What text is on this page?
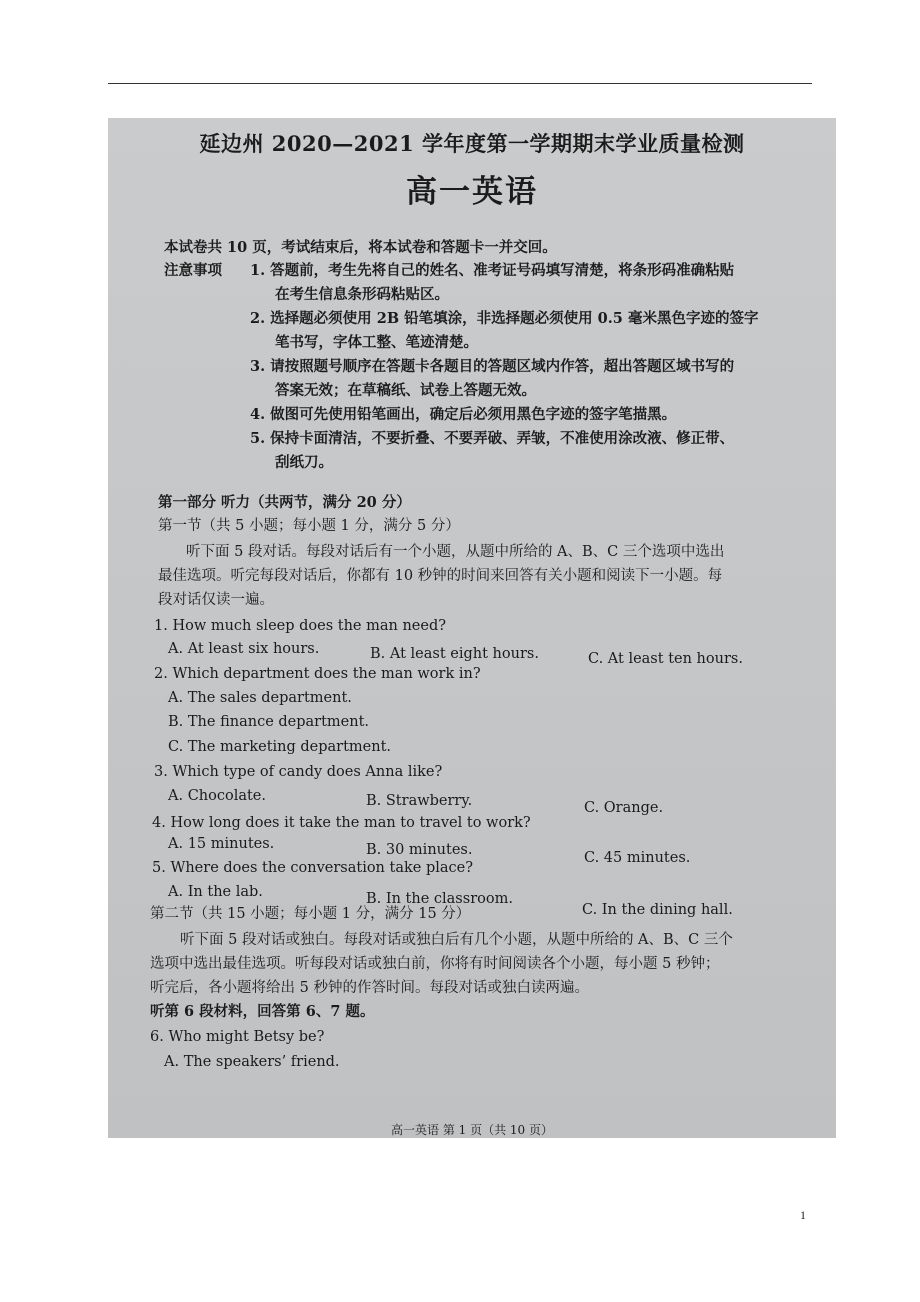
延边州 2020—2021 学年度第一学期期末学业质量检测
高一英语
本试卷共 10 页，考试结束后，将本试卷和答题卡一并交回。
注意事项 1. 答题前，考生先将自己的姓名、准考证号码填写清楚，将条形码准确粘贴
在考生信息条形码粘贴区。
2. 选择题必须使用 2B 铅笔填涂，非选择题必须使用 0.5 毫米黑色字迹的签字
笔书写，字体工整、笔迹清楚。
3. 请按照题号顺序在答题卡各题目的答题区域内作答，超出答题区域书写的
答案无效；在草稿纸、试卷上答题无效。
4. 做图可先使用铅笔画出，确定后必须用黑色字迹的签字笔描黑。
5. 保持卡面清洁，不要折叠、不要弄破、弄皱，不准使用涂改液、修正带、
刮纸刀。
第一部分 听力（共两节，满分 20 分）
第一节（共 5 小题；每小题 1 分，满分 5 分）
听下面 5 段对话。每段对话后有一个小题，从题中所给的 A、B、C 三个选项中选出
最佳选项。听完每段对话后，你都有 10 秒钟的时间来回答有关小题和阅读下一小题。每
段对话仅读一遍。
1. How much sleep does the man need?
A. At least six hours.	B. At least eight hours.	C. At least ten hours.
2. Which department does the man work in?
A. The sales department.
B. The finance department.
C. The marketing department.
3. Which type of candy does Anna like?
A. Chocolate.	B. Strawberry.	C. Orange.
4. How long does it take the man to travel to work?
A. 15 minutes.	B. 30 minutes.	C. 45 minutes.
5. Where does the conversation take place?
A. In the lab.	B. In the classroom.
C. In the dining hall.
第二节（共 15 小题；每小题 1 分，满分 15 分）
听下面 5 段对话或独白。每段对话或独白后有几个小题，从题中所给的 A、B、C 三个
选项中选出最佳选项。听每段对话或独白前，你将有时间阅读各个小题，每小题 5 秒钟；
听完后，各小题将给出 5 秒钟的作答时间。每段对话或独白读两遍。
听第 6 段材料，回答第 6、7 题。
6. Who might Betsy be?
A. The speakers’ friend.
高一英语 第 1 页（共 10 页）
1
